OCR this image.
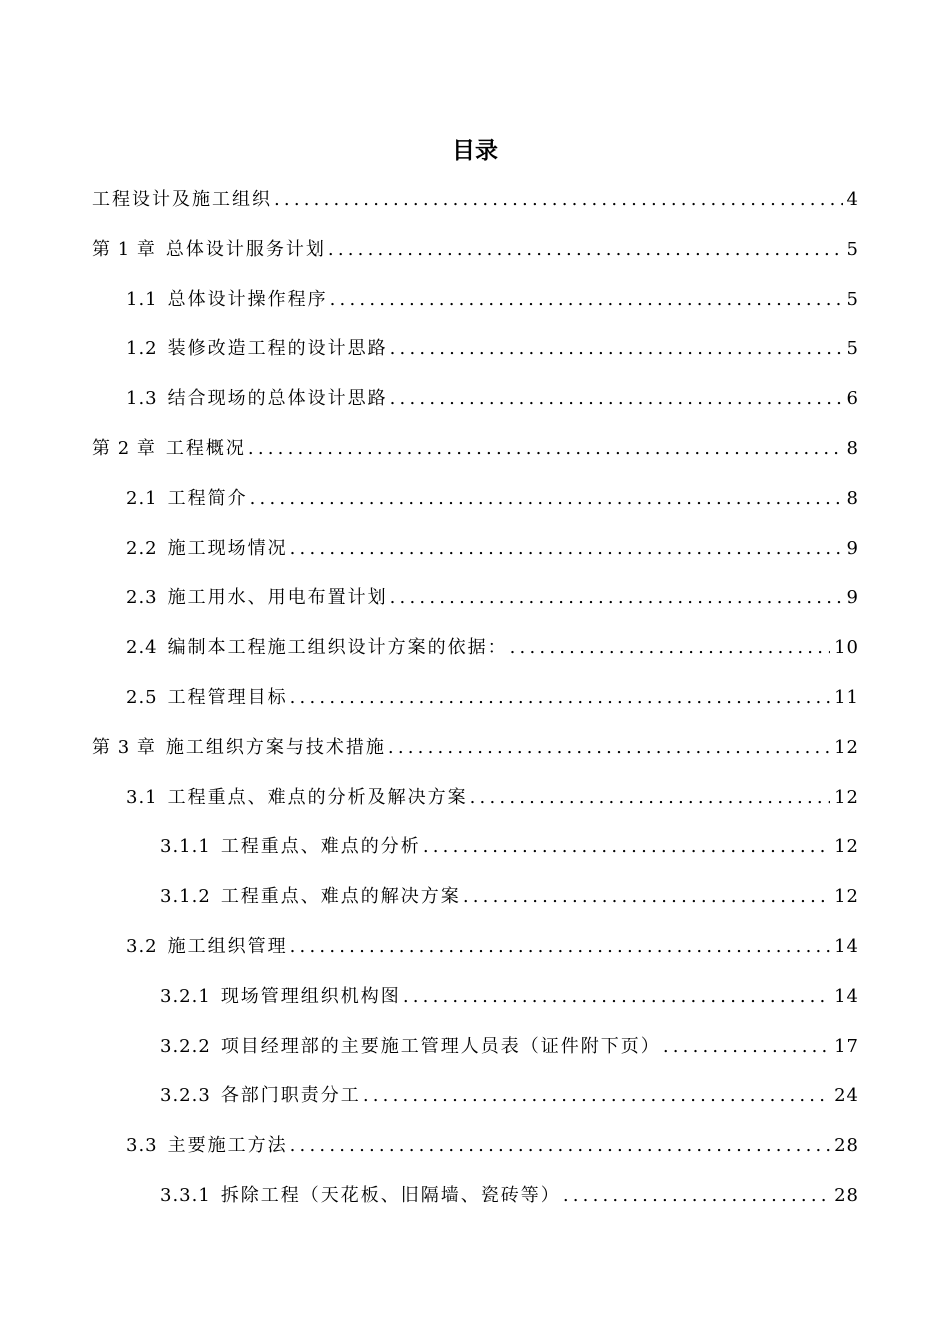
目录
工程设计及施工组织 .....	4
第 1 章 总体设计服务计划 .....	5
1.1 总体设计操作程序 .....	5
1.2 装修改造工程的设计思路 .....	5
1.3 结合现场的总体设计思路 .....	6
第 2 章 工程概况 .....	8
2.1 工程简介 .....	8
2.2 施工现场情况 .....	9
2.3 施工用水、用电布置计划 .....	9
2.4 编制本工程施工组织设计方案的依据： .....	10
2.5 工程管理目标 .....	11
第 3 章 施工组织方案与技术措施 .....	12
3.1 工程重点、难点的分析及解决方案 .....	12
3.1.1 工程重点、难点的分析 .....	12
3.1.2 工程重点、难点的解决方案 .....	12
3.2 施工组织管理 .....	14
3.2.1 现场管理组织机构图 .....	14
3.2.2 项目经理部的主要施工管理人员表（证件附下页） .....	17
3.2.3 各部门职责分工 .....	24
3.3 主要施工方法 .....	28
3.3.1 拆除工程（天花板、旧隔墙、瓷砖等） .....	28
